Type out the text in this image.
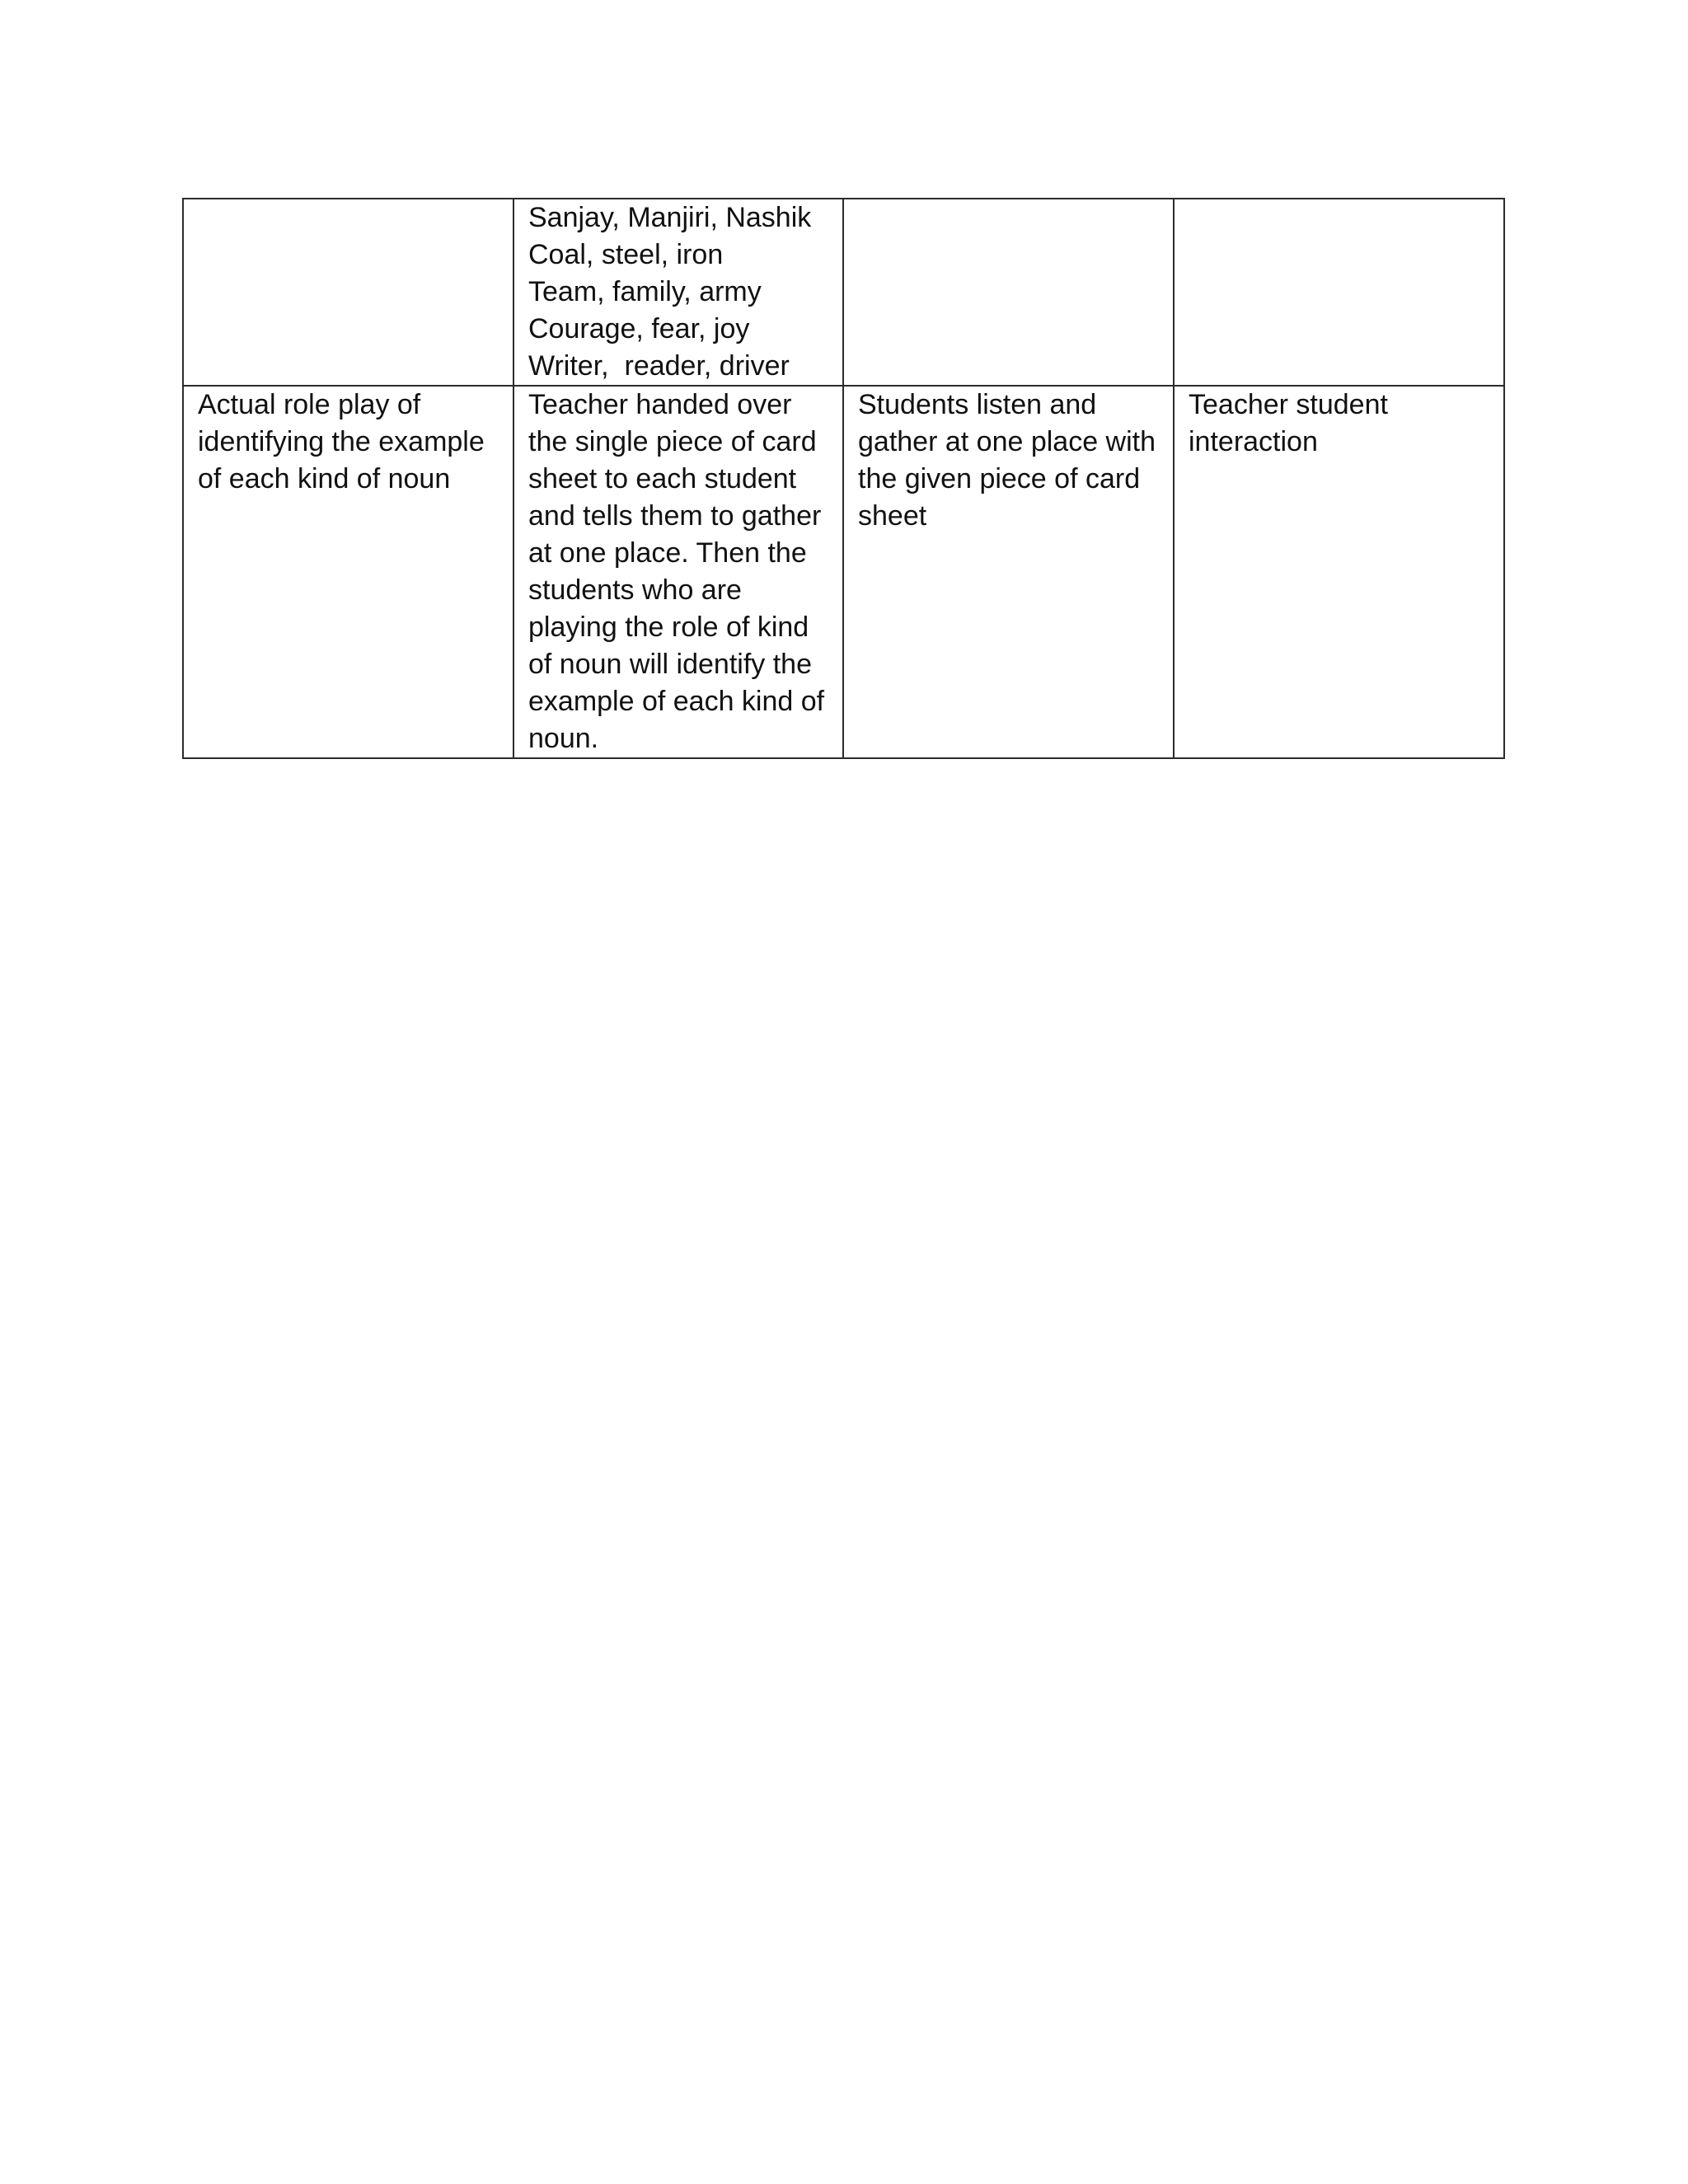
	Sanjay, Manjiri, Nashik
Coal, steel, iron
Team, family, army
Courage, fear, joy
Writer,  reader, driver		

Actual role play of identifying the example of each kind of noun	Teacher handed over the single piece of card sheet to each student and tells them to gather at one place. Then the students who are playing the role of kind of noun will identify the example of each kind of noun.	Students listen and gather at one place with the given piece of card sheet	Teacher student interaction
